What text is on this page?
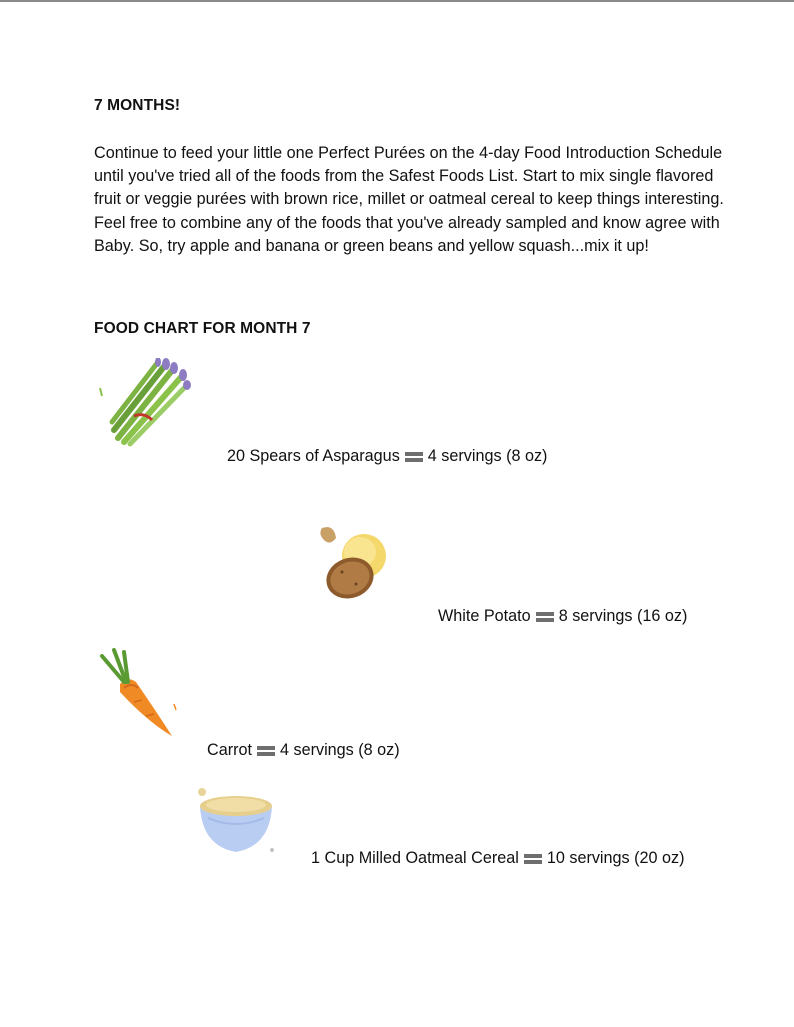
7 MONTHS!
Continue to feed your little one Perfect Purées on the 4-day Food Introduction Schedule until you've tried all of the foods from the Safest Foods List. Start to mix single flavored fruit or veggie purées with brown rice, millet or oatmeal cereal to keep things interesting. Feel free to combine any of the foods that you've already sampled and know agree with Baby. So, try apple and banana or green beans and yellow squash...mix it up!
FOOD CHART FOR MONTH 7
20 Spears of Asparagus 4 servings (8 oz)
White Potato 8 servings (16 oz)
Carrot 4 servings (8 oz)
1 Cup Milled Oatmeal Cereal 10 servings (20 oz)
